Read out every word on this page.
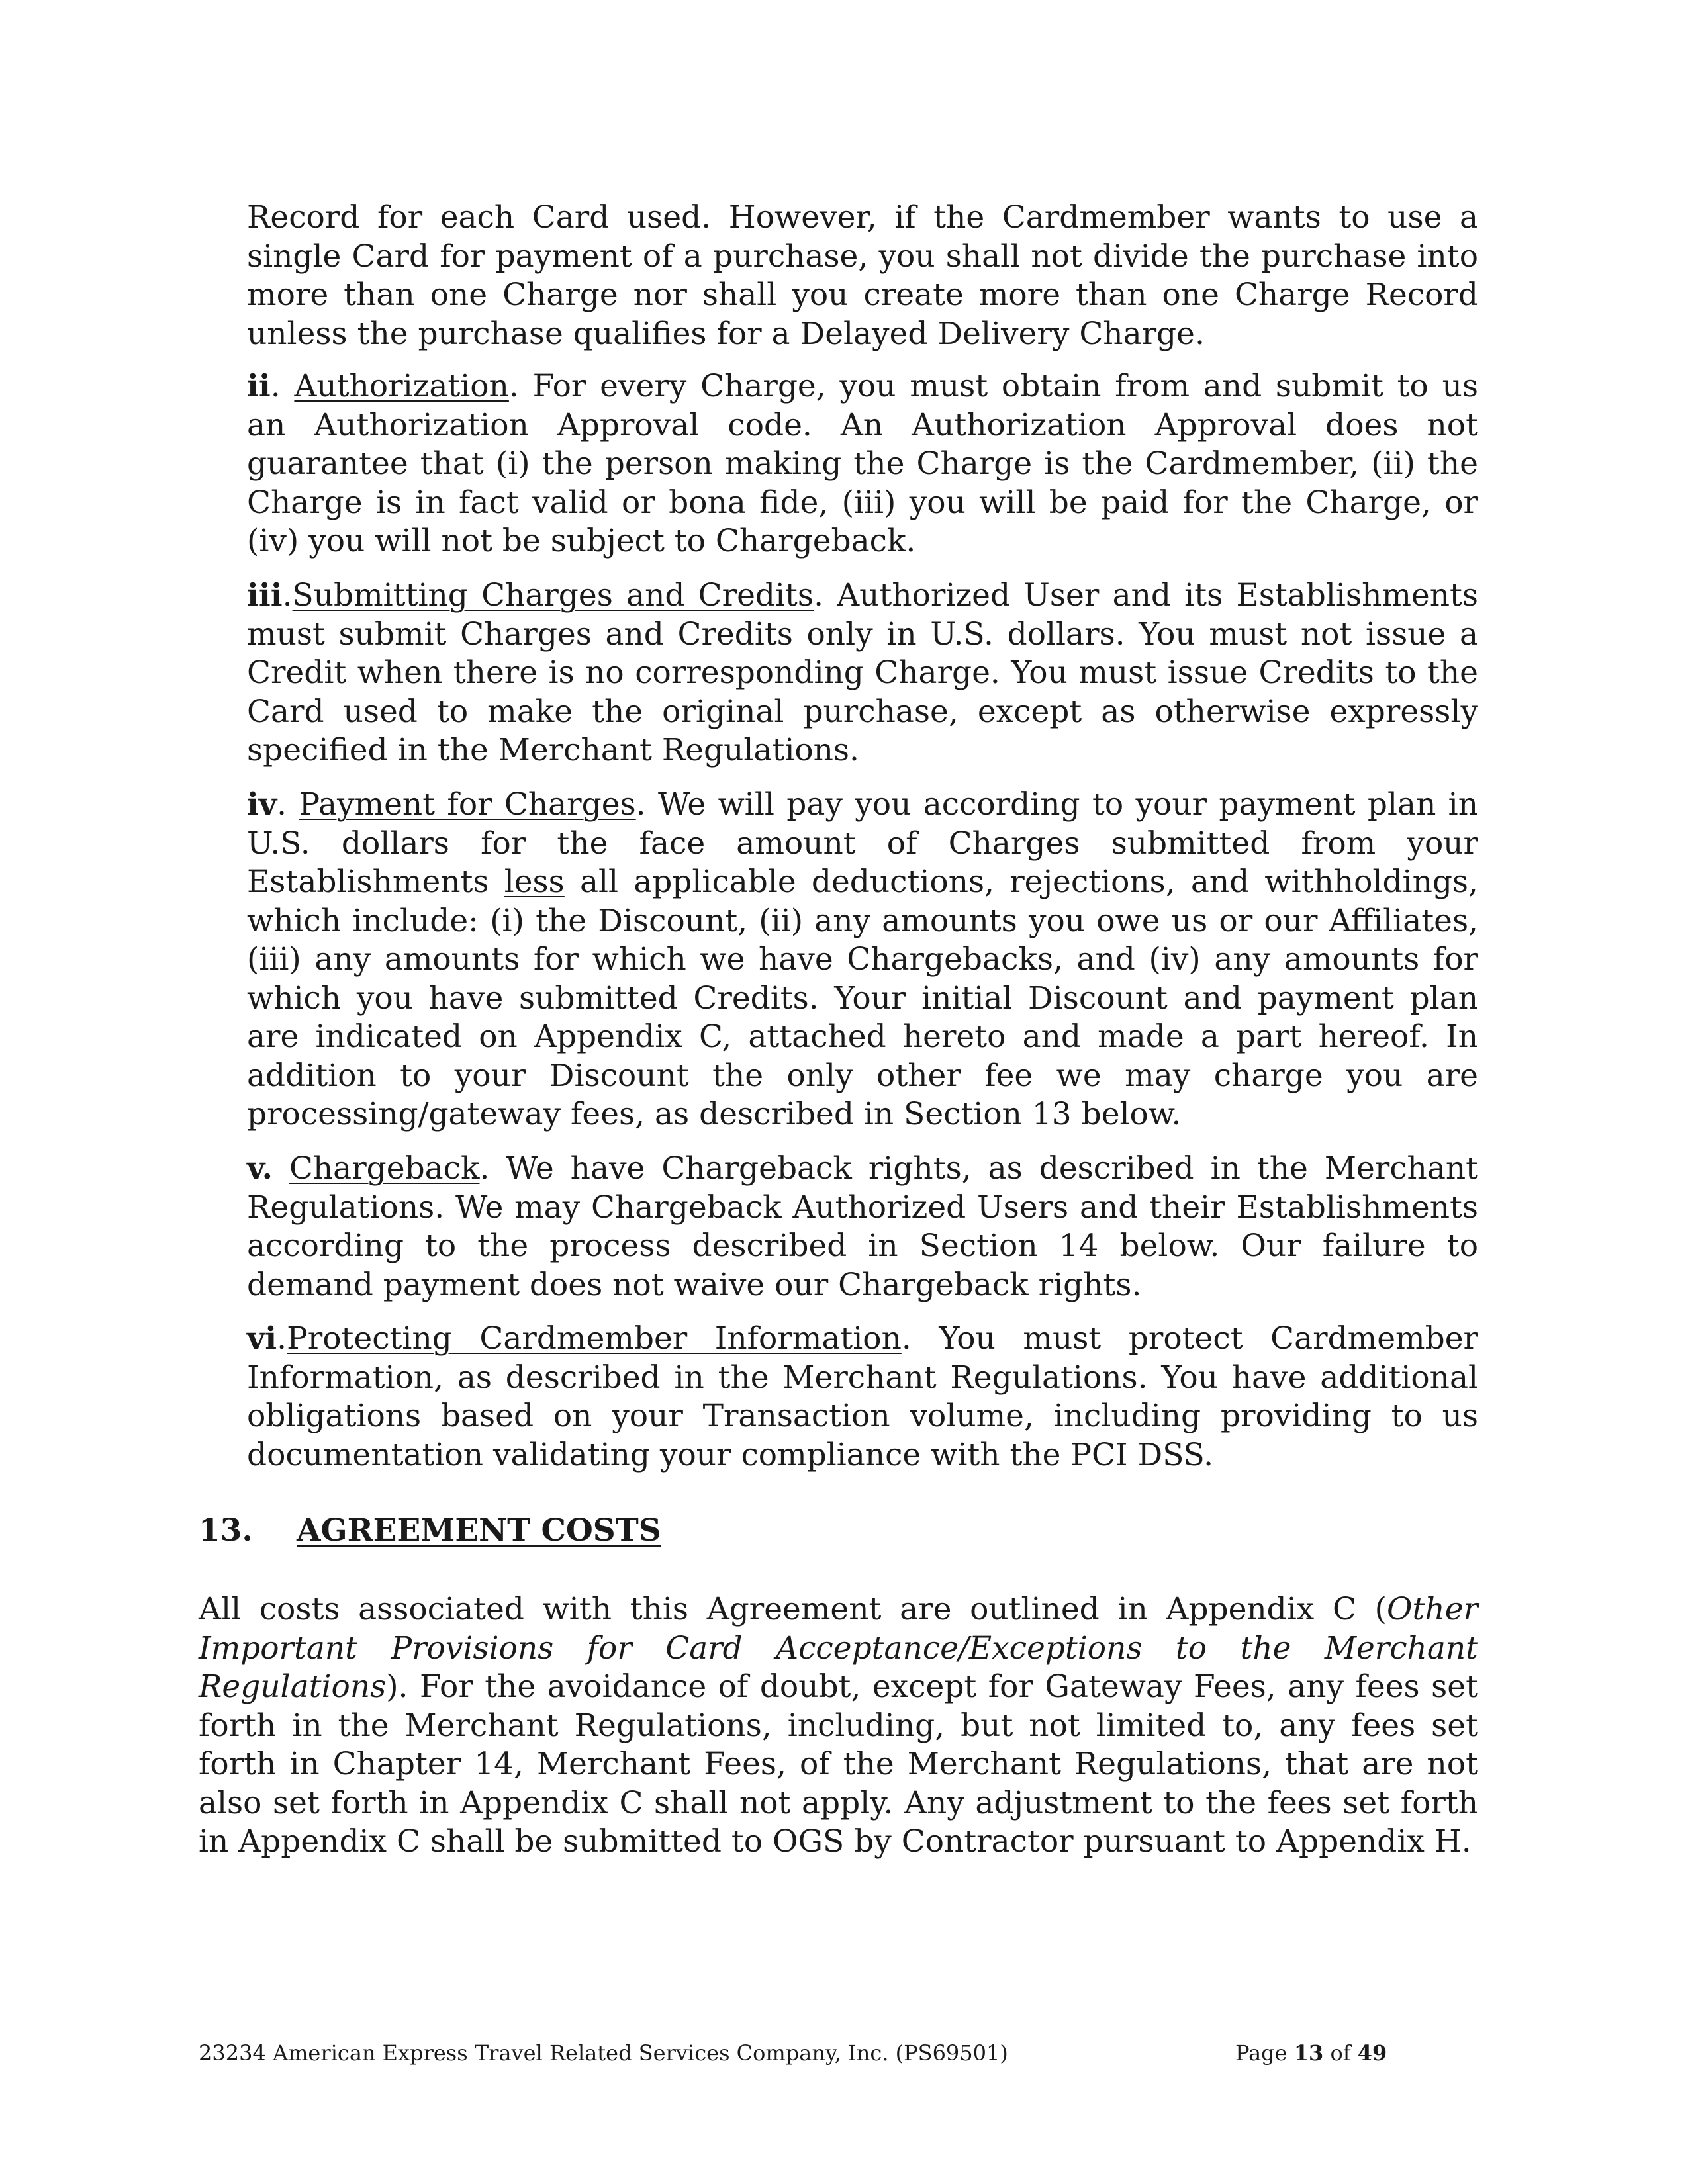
Record for each Card used. However, if the Cardmember wants to use a single Card for payment of a purchase, you shall not divide the purchase into more than one Charge nor shall you create more than one Charge Record unless the purchase qualifies for a Delayed Delivery Charge.

ii. Authorization. For every Charge, you must obtain from and submit to us an Authorization Approval code. An Authorization Approval does not guarantee that (i) the person making the Charge is the Cardmember, (ii) the Charge is in fact valid or bona fide, (iii) you will be paid for the Charge, or (iv) you will not be subject to Chargeback.

iii.Submitting Charges and Credits. Authorized User and its Establishments must submit Charges and Credits only in U.S. dollars. You must not issue a Credit when there is no corresponding Charge. You must issue Credits to the Card used to make the original purchase, except as otherwise expressly specified in the Merchant Regulations.

iv. Payment for Charges. We will pay you according to your payment plan in U.S. dollars for the face amount of Charges submitted from your Establishments less all applicable deductions, rejections, and withholdings, which include: (i) the Discount, (ii) any amounts you owe us or our Affiliates, (iii) any amounts for which we have Chargebacks, and (iv) any amounts for which you have submitted Credits. Your initial Discount and payment plan are indicated on Appendix C, attached hereto and made a part hereof. In addition to your Discount the only other fee we may charge you are processing/gateway fees, as described in Section 13 below.

v. Chargeback. We have Chargeback rights, as described in the Merchant Regulations. We may Chargeback Authorized Users and their Establishments according to the process described in Section 14 below. Our failure to demand payment does not waive our Chargeback rights.

vi.Protecting Cardmember Information. You must protect Cardmember Information, as described in the Merchant Regulations. You have additional obligations based on your Transaction volume, including providing to us documentation validating your compliance with the PCI DSS.

13. AGREEMENT COSTS

All costs associated with this Agreement are outlined in Appendix C (Other Important Provisions for Card Acceptance/Exceptions to the Merchant Regulations). For the avoidance of doubt, except for Gateway Fees, any fees set forth in the Merchant Regulations, including, but not limited to, any fees set forth in Chapter 14, Merchant Fees, of the Merchant Regulations, that are not also set forth in Appendix C shall not apply. Any adjustment to the fees set forth in Appendix C shall be submitted to OGS by Contractor pursuant to Appendix H.

23234 American Express Travel Related Services Company, Inc. (PS69501)	Page 13 of 49
